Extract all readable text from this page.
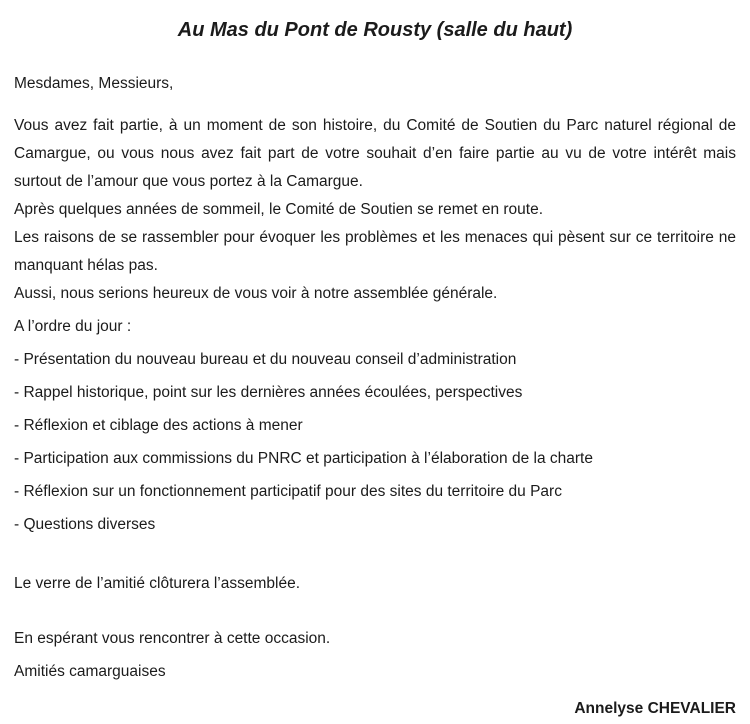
Au Mas du Pont de Rousty (salle du haut)

Mesdames, Messieurs,

Vous avez fait partie, à un moment de son histoire, du Comité de Soutien du Parc naturel régional de Camargue, ou vous nous avez fait part de votre souhait d’en faire partie au vu de votre intérêt mais surtout de l’amour que vous portez à la Camargue.

Après quelques années de sommeil, le Comité de Soutien se remet en route.

Les raisons de se rassembler pour évoquer les problèmes et les menaces qui pèsent sur ce territoire ne manquant hélas pas.

Aussi, nous serions heureux de vous voir à notre assemblée générale.

A l’ordre du jour :

- Présentation du nouveau bureau et du nouveau conseil d’administration

- Rappel historique, point sur les dernières années écoulées, perspectives

- Réflexion et ciblage des actions à mener

- Participation aux commissions du PNRC et participation à l’élaboration de la charte

- Réflexion sur un fonctionnement participatif pour des sites du territoire du Parc

- Questions diverses

Le verre de l’amitié clôturera l’assemblée.

En espérant vous rencontrer à cette occasion.

Amitiés camarguaises

Annelyse CHEVALIER
